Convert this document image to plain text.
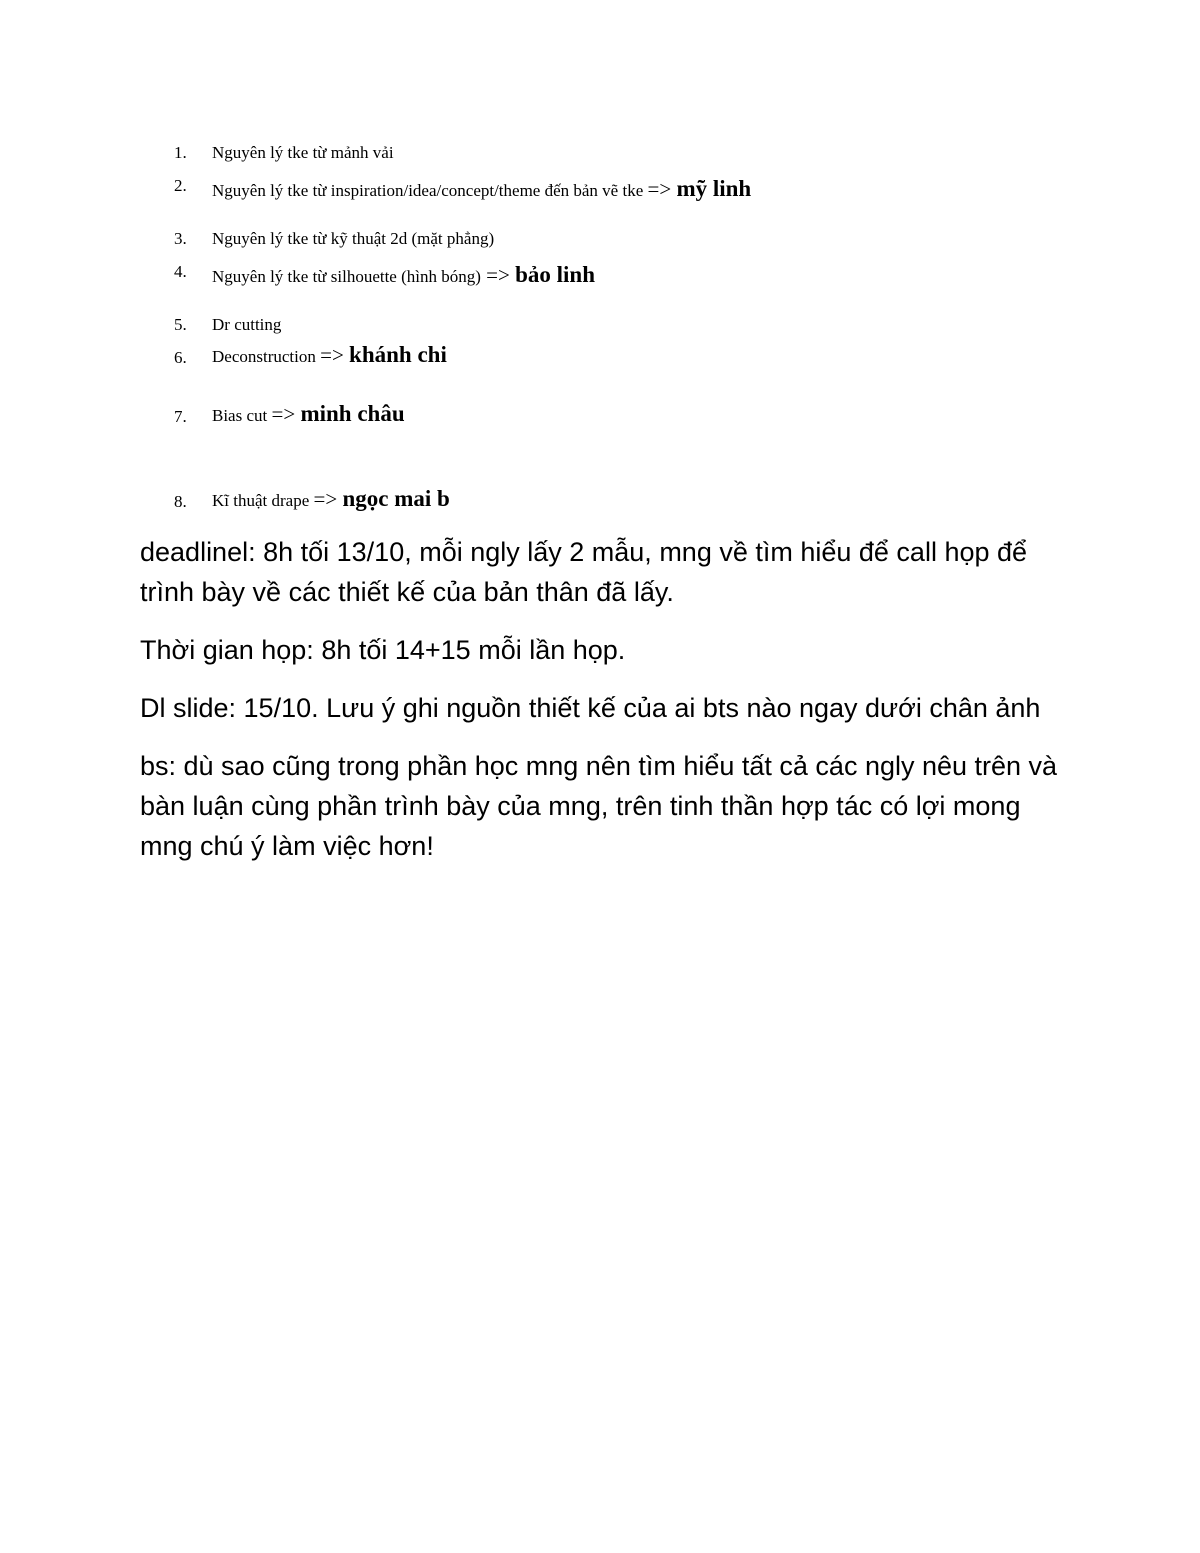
1.	Nguyên lý tke từ mảnh vải
2.	Nguyên lý tke từ inspiration/idea/concept/theme đến bản vẽ tke => mỹ linh
3.	Nguyên lý tke từ kỹ thuật 2d (mặt phẳng)
4.	Nguyên lý tke từ silhouette (hình bóng) => bảo linh
5.	Dr cutting
6.	Deconstruction => khánh chi
7.	Bias cut => minh châu
8.	Kĩ thuật drape => ngọc mai b

deadlinel: 8h tối 13/10, mỗi ngly lấy 2 mẫu, mng về tìm hiểu để call họp để trình bày về các thiết kế của bản thân đã lấy.

Thời gian họp: 8h tối 14+15 mỗi lần họp.

Dl slide: 15/10. Lưu ý ghi nguồn thiết kế của ai bts nào ngay dưới chân ảnh

bs: dù sao cũng trong phần học mng nên tìm hiểu tất cả các ngly nêu trên và bàn luận cùng phần trình bày của mng, trên tinh thần hợp tác có lợi mong mng chú ý làm việc hơn!
